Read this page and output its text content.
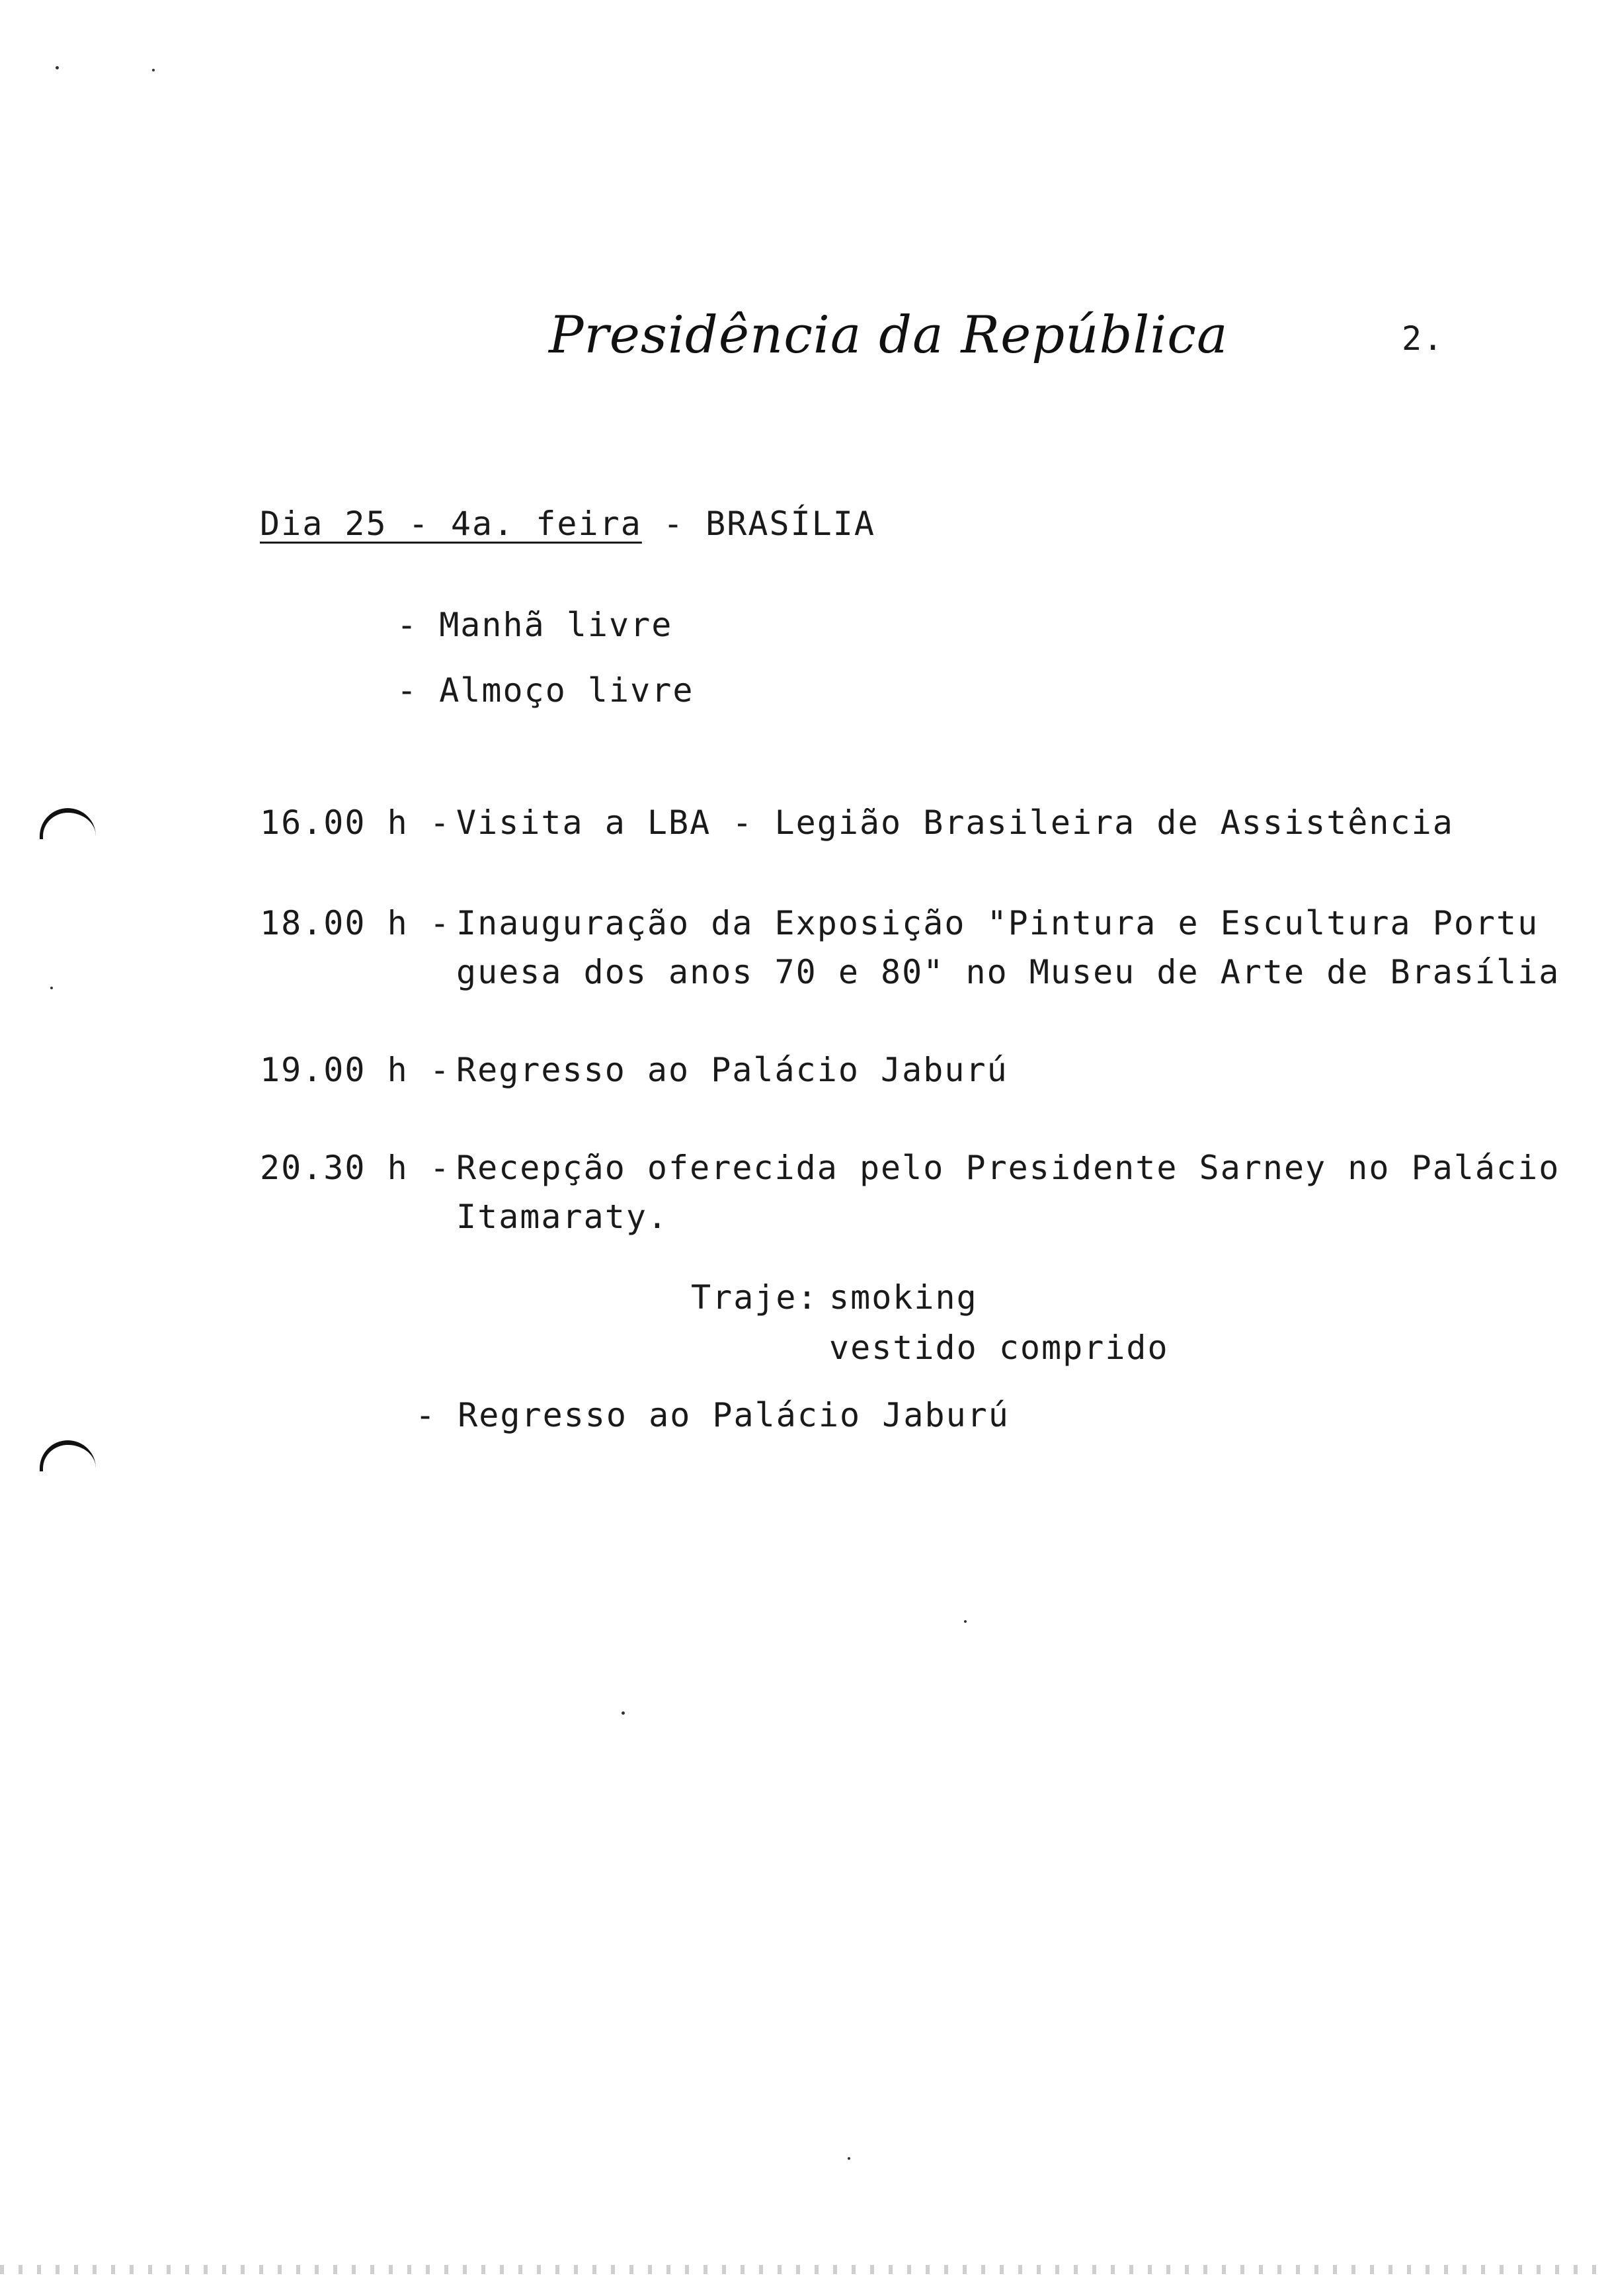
Presidência da República	2.
Dia 25 - 4a. feira - BRASÍLIA
- Manhã livre
- Almoço livre
16.00 h - Visita a LBA - Legião Brasileira de Assistência
18.00 h - Inauguração da Exposição "Pintura e Escultura Portu
guesa dos anos 70 e 80" no Museu de Arte de Brasília
19.00 h - Regresso ao Palácio Jaburú
20.30 h - Recepção oferecida pelo Presidente Sarney no Palácio
Itamaraty.
Traje: smoking
vestido comprido
- Regresso ao Palácio Jaburú
